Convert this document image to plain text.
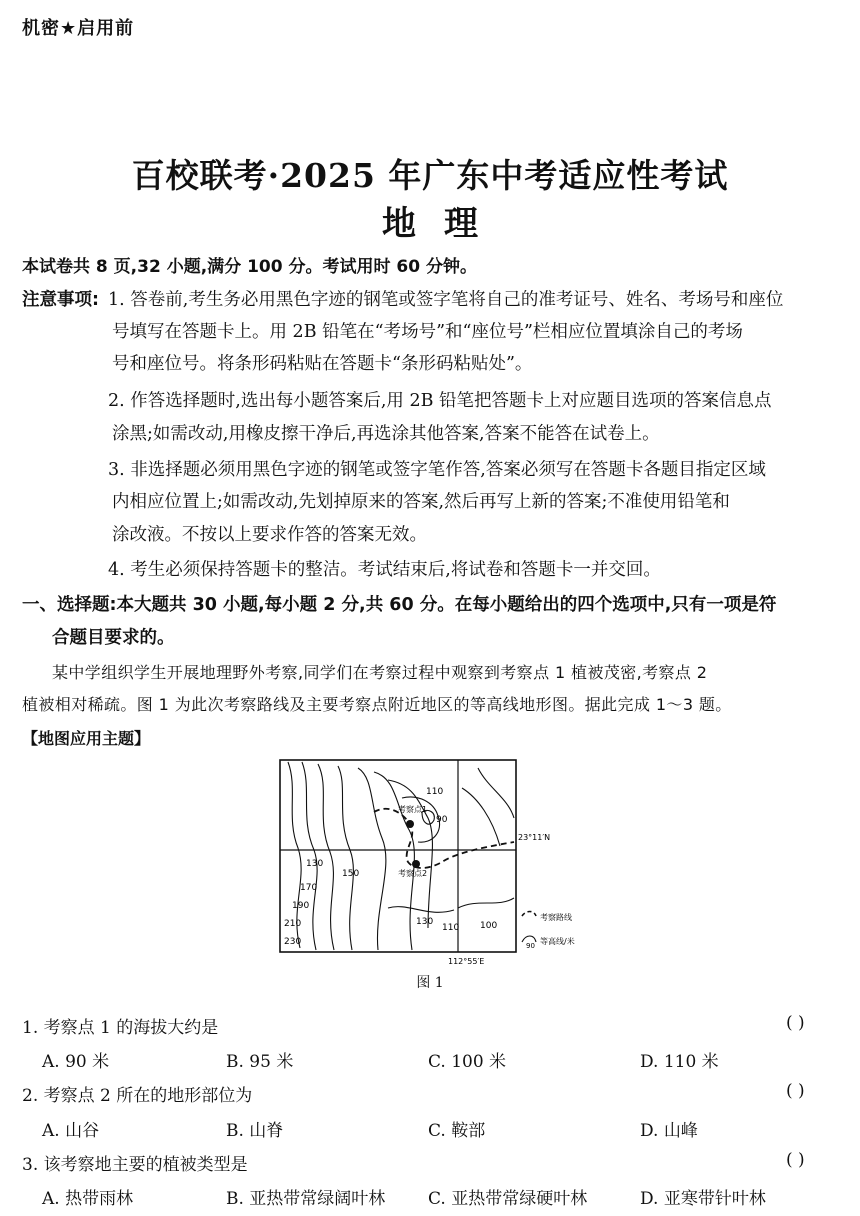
机密★启用前
百校联考·2025 年广东中考适应性考试
地理
本试卷共 8 页,32 小题,满分 100 分。考试用时 60 分钟。
注意事项: 1. 答卷前,考生务必用黑色字迹的钢笔或签字笔将自己的准考证号、姓名、考场号和座位
号填写在答题卡上。用 2B 铅笔在“考场号”和“座位号”栏相应位置填涂自己的考场
号和座位号。将条形码粘贴在答题卡“条形码粘贴处”。
2. 作答选择题时,选出每小题答案后,用 2B 铅笔把答题卡上对应题目选项的答案信息点
涂黑;如需改动,用橡皮擦干净后,再选涂其他答案,答案不能答在试卷上。
3. 非选择题必须用黑色字迹的钢笔或签字笔作答,答案必须写在答题卡各题目指定区域
内相应位置上;如需改动,先划掉原来的答案,然后再写上新的答案;不准使用铅笔和
涂改液。不按以上要求作答的答案无效。
4. 考生必须保持答题卡的整洁。考试结束后,将试卷和答题卡一并交回。
一、选择题:本大题共 30 小题,每小题 2 分,共 60 分。在每小题给出的四个选项中,只有一项是符
合题目要求的。
某中学组织学生开展地理野外考察,同学们在考察过程中观察到考察点 1 植被茂密,考察点 2
植被相对稀疏。图 1 为此次考察路线及主要考察点附近地区的等高线地形图。据此完成 1～3 题。
【地图应用主题】
考察点1
考察点2
110
90
130
150
170
190
210
230
130
110 100
23°11′N
112°55′E
考察路线
90 等高线/米
图 1
1. 考察点 1 的海拔大约是	( )
A. 90 米	B. 95 米	C. 100 米	D. 110 米
2. 考察点 2 所在的地形部位为	( )
A. 山谷	B. 山脊	C. 鞍部	D. 山峰
3. 该考察地主要的植被类型是	( )
A. 热带雨林	B. 亚热带常绿阔叶林	C. 亚热带常绿硬叶林	D. 亚寒带针叶林
